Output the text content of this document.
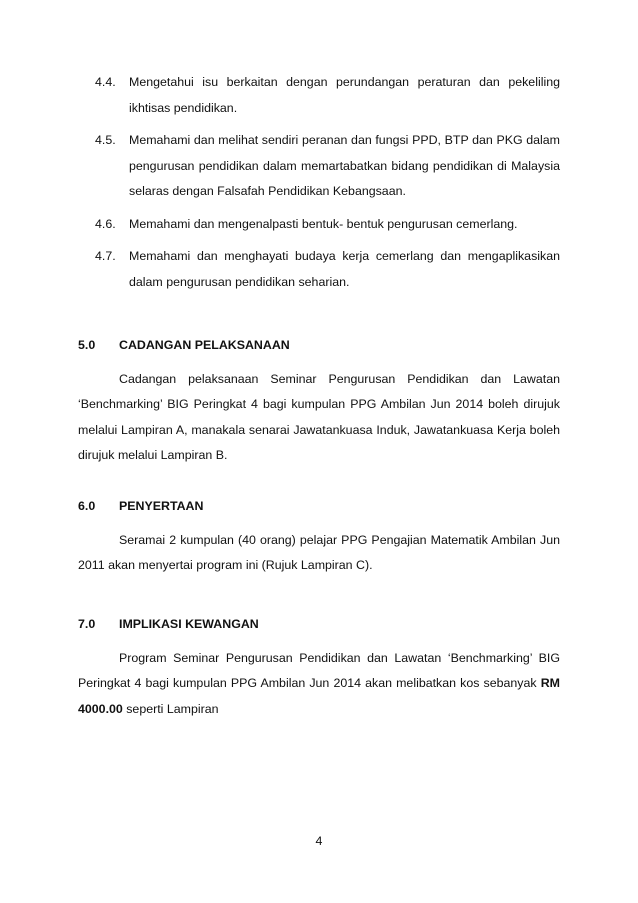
4.4.	Mengetahui isu berkaitan dengan perundangan peraturan dan pekeliling ikhtisas pendidikan.
4.5.	Memahami dan melihat sendiri peranan dan fungsi PPD, BTP dan PKG dalam pengurusan pendidikan dalam memartabatkan bidang pendidikan di Malaysia selaras dengan Falsafah Pendidikan Kebangsaan.
4.6.	Memahami dan mengenalpasti bentuk- bentuk pengurusan cemerlang.
4.7.	Memahami dan menghayati budaya kerja cemerlang dan mengaplikasikan dalam pengurusan pendidikan seharian.
5.0	CADANGAN PELAKSANAAN
Cadangan pelaksanaan Seminar Pengurusan Pendidikan dan Lawatan ‘Benchmarking’ BIG Peringkat 4 bagi kumpulan PPG Ambilan Jun 2014 boleh dirujuk melalui Lampiran A, manakala senarai Jawatankuasa Induk, Jawatankuasa Kerja boleh dirujuk melalui Lampiran B.
6.0	PENYERTAAN
Seramai 2 kumpulan (40 orang) pelajar PPG Pengajian Matematik Ambilan Jun 2011 akan menyertai program ini (Rujuk Lampiran C).
7.0	IMPLIKASI KEWANGAN
Program Seminar Pengurusan Pendidikan dan Lawatan ‘Benchmarking’ BIG Peringkat 4 bagi kumpulan PPG Ambilan Jun 2014 akan melibatkan kos sebanyak RM 4000.00 seperti Lampiran
4
